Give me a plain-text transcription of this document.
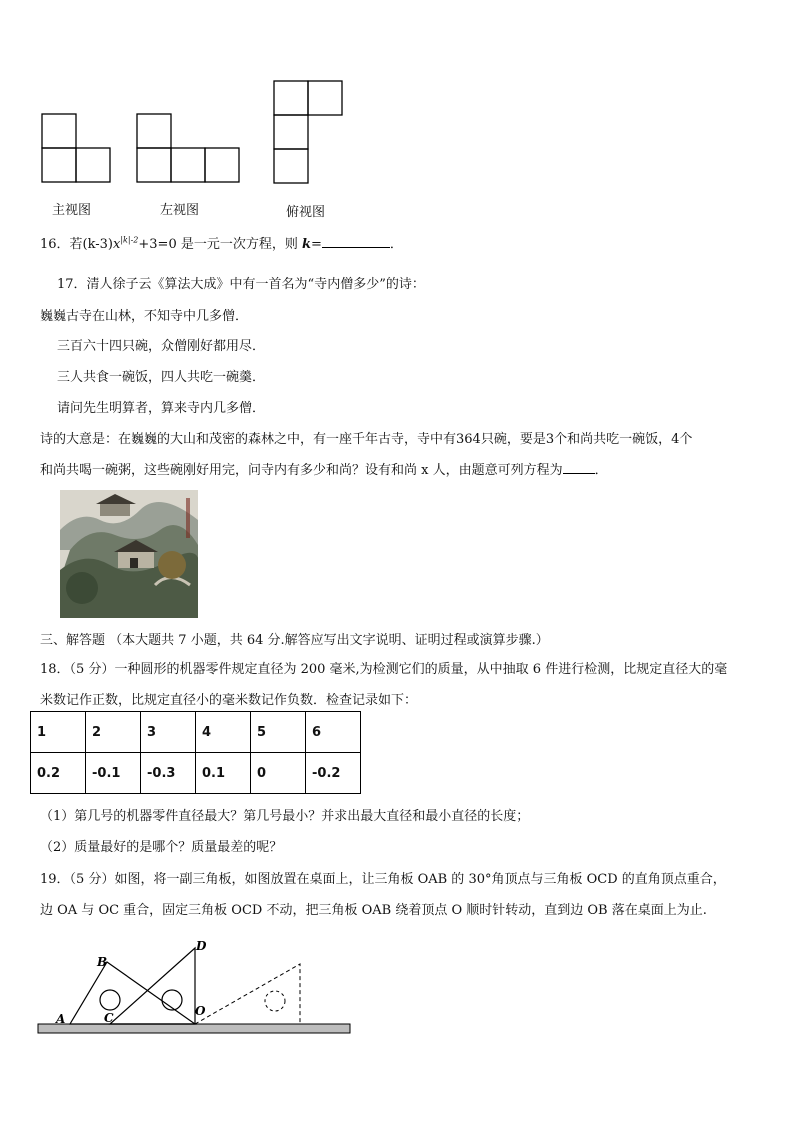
主视图	左视图	俯视图
16．若$(k-3)x^{|k|-2}+3=0$ 是一元一次方程，则 k=	．
17．清人徐子云《算法大成》中有一首名为“寺内僧多少”的诗：
巍巍古寺在山林，不知寺中几多僧．
三百六十四只碗，众僧刚好都用尽．
三人共食一碗饭，四人共吃一碗羹．
请问先生明算者，算来寺内几多僧．
诗的大意是：在巍巍的大山和茂密的森林之中，有一座千年古寺，寺中有364只碗，要是3个和尚共吃一碗饭，4个
和尚共喝一碗粥，这些碗刚好用完，问寺内有多少和尚？设有和尚 x 人，由题意可列方程为 ．
三、解答题 （本大题共 7 小题，共 64 分.解答应写出文字说明、证明过程或演算步骤.）
18．（5 分）一种圆形的机器零件规定直径为 200 毫米,为检测它们的质量，从中抽取 6 件进行检测，比规定直径大的毫
米数记作正数，比规定直径小的毫米数记作负数．检查记录如下：
1	2	3	4	5	6
0.2	-0.1	-0.3	0.1	0	-0.2
（1）第几号的机器零件直径最大？第几号最小？并求出最大直径和最小直径的长度；
（2）质量最好的是哪个？质量最差的呢？
19．（5 分）如图，将一副三角板，如图放置在桌面上，让三角板 OAB 的 30°角顶点与三角板 OCD 的直角顶点重合，
边 OA 与 OC 重合，固定三角板 OCD 不动，把三角板 OAB 绕着顶点 O 顺时针转动，直到边 OB 落在桌面上为止.
A
B
C
D
O
